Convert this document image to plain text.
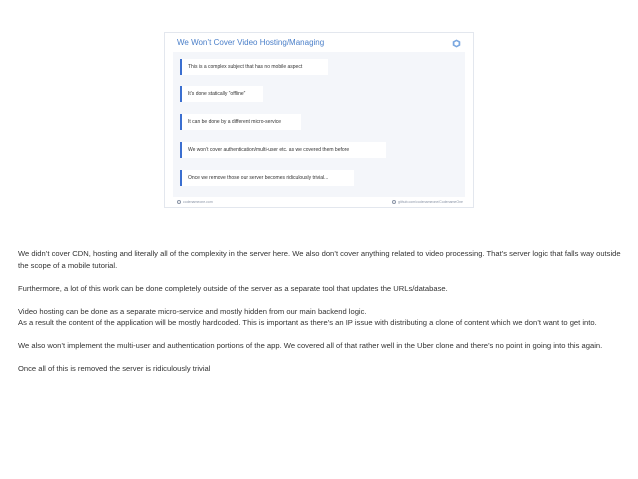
We Won’t Cover Video Hosting/Managing
This is a complex subject that has no mobile aspect
It’s done statically “offline”
It can be done by a different micro-service
We won’t cover authentication/multi-user etc. as we covered them before
Once we remove those our server becomes ridiculously trivial...
codenameone.com	github.com/codenameone/CodenameOne

We didn’t cover CDN, hosting and literally all of the complexity in the server here. We also don’t cover anything related to video processing. That’s server logic that falls way outside the scope of a mobile tutorial.

Furthermore, a lot of this work can be done completely outside of the server as a separate tool that updates the URLs/database.

Video hosting can be done as a separate micro-service and mostly hidden from our main backend logic.

As a result the content of the application will be mostly hardcoded. This is important as there’s an IP issue with distributing a clone of content which we don’t want to get into.

We also won’t implement the multi-user and authentication portions of the app. We covered all of that rather well in the Uber clone and there’s no point in going into this again.

Once all of this is removed the server is ridiculously trivial
